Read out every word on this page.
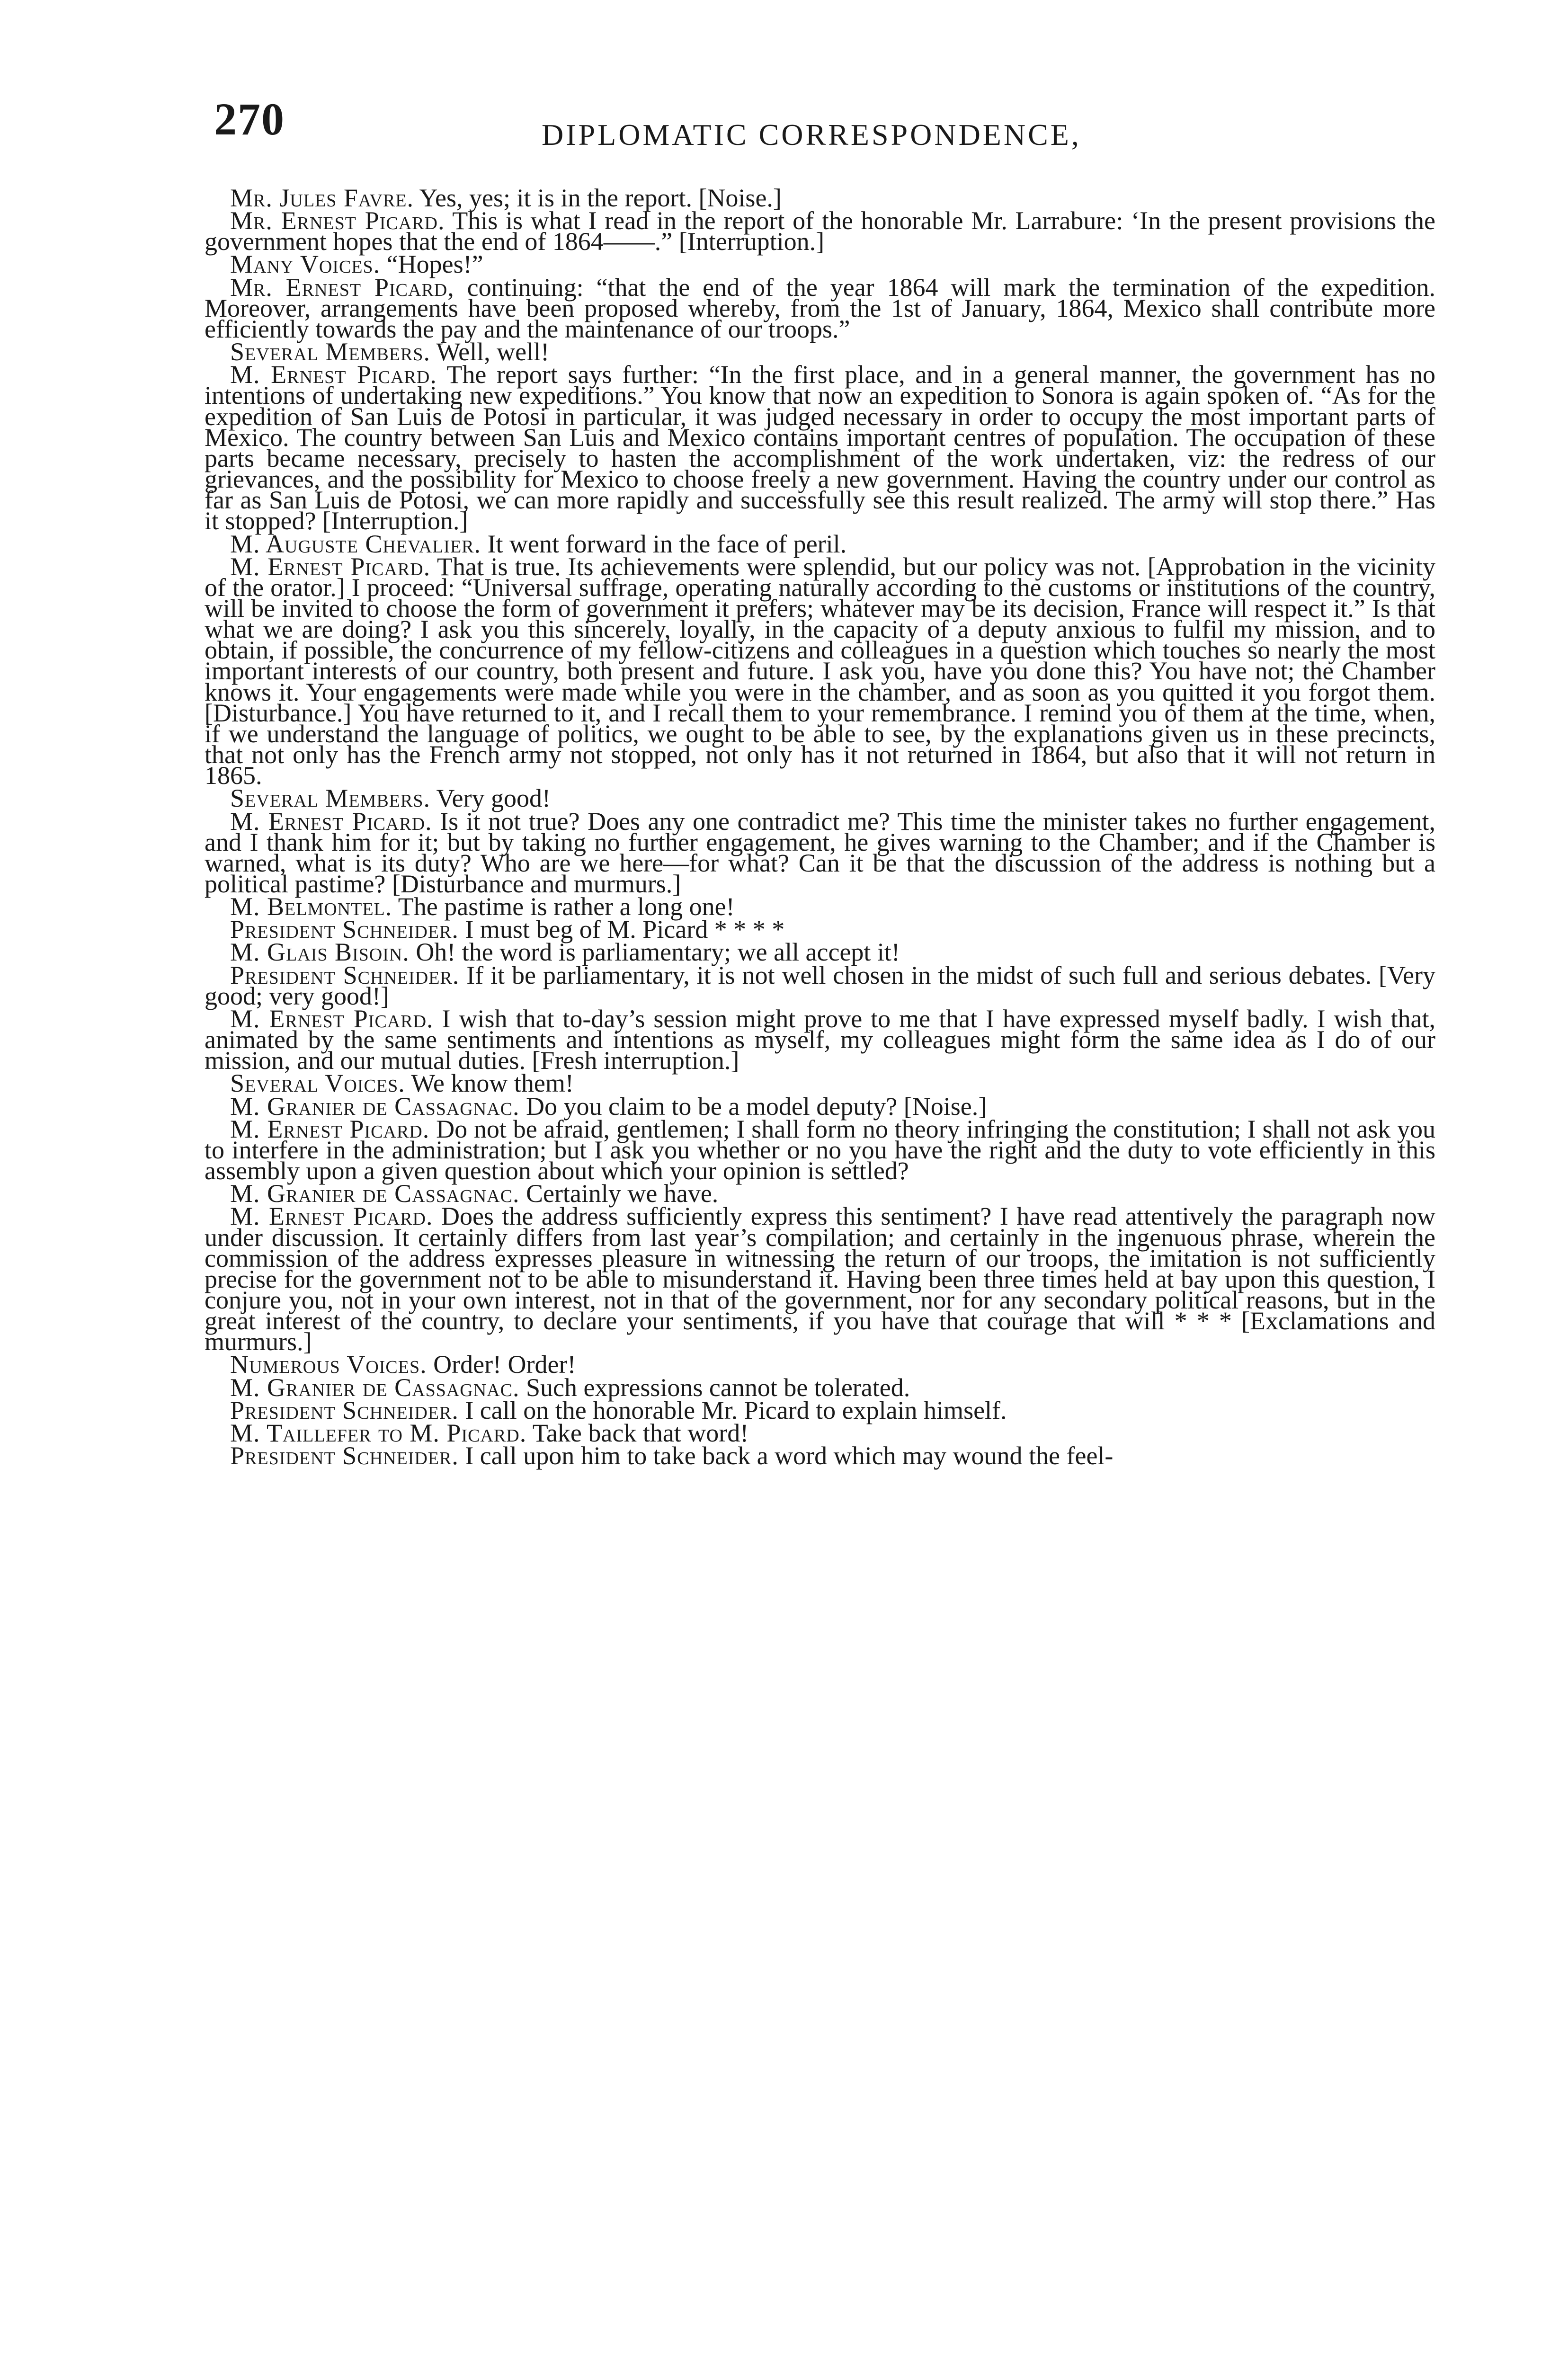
270	DIPLOMATIC CORRESPONDENCE,

Mr. Jules Favre. Yes, yes; it is in the report. [Noise.]

Mr. Ernest Picard. This is what I read in the report of the honorable Mr. Larrabure: ‘In the present provisions the government hopes that the end of 1864——.” [Interruption.]

Many Voices. “Hopes!”

Mr. Ernest Picard, continuing: “that the end of the year 1864 will mark the termination of the expedition. Moreover, arrangements have been proposed whereby, from the 1st of January, 1864, Mexico shall contribute more efficiently towards the pay and the maintenance of our troops.”

Several Members. Well, well!

M. Ernest Picard. The report says further: “In the first place, and in a general manner, the government has no intentions of undertaking new expeditions.” You know that now an expedition to Sonora is again spoken of. “As for the expedition of San Luis de Potosi in particular, it was judged necessary in order to occupy the most important parts of Mexico. The country between San Luis and Mexico contains important centres of population. The occupation of these parts became necessary, precisely to hasten the accomplishment of the work undertaken, viz: the redress of our grievances, and the possibility for Mexico to choose freely a new government. Having the country under our control as far as San Luis de Potosi, we can more rapidly and successfully see this result realized. The army will stop there.” Has it stopped? [Interruption.]

M. Auguste Chevalier. It went forward in the face of peril.

M. Ernest Picard. That is true. Its achievements were splendid, but our policy was not. [Approbation in the vicinity of the orator.] I proceed: “Universal suffrage, operating naturally according to the customs or institutions of the country, will be invited to choose the form of government it prefers; whatever may be its decision, France will respect it.” Is that what we are doing? I ask you this sincerely, loyally, in the capacity of a deputy anxious to fulfil my mission, and to obtain, if possible, the concurrence of my fellow-citizens and colleagues in a question which touches so nearly the most important interests of our country, both present and future. I ask you, have you done this? You have not; the Chamber knows it. Your engagements were made while you were in the chamber, and as soon as you quitted it you forgot them. [Disturbance.] You have returned to it, and I recall them to your remembrance. I remind you of them at the time, when, if we understand the language of politics, we ought to be able to see, by the explanations given us in these precincts, that not only has the French army not stopped, not only has it not returned in 1864, but also that it will not return in 1865.

Several Members. Very good!

M. Ernest Picard. Is it not true? Does any one contradict me? This time the minister takes no further engagement, and I thank him for it; but by taking no further engagement, he gives warning to the Chamber; and if the Chamber is warned, what is its duty? Who are we here—for what? Can it be that the discussion of the address is nothing but a political pastime? [Disturbance and murmurs.]

M. Belmontel. The pastime is rather a long one!

President Schneider. I must beg of M. Picard * * * *

M. Glais Bisoin. Oh! the word is parliamentary; we all accept it!

President Schneider. If it be parliamentary, it is not well chosen in the midst of such full and serious debates. [Very good; very good!]

M. Ernest Picard. I wish that to-day’s session might prove to me that I have expressed myself badly. I wish that, animated by the same sentiments and intentions as myself, my colleagues might form the same idea as I do of our mission, and our mutual duties. [Fresh interruption.]

Several Voices. We know them!

M. Granier de Cassagnac. Do you claim to be a model deputy? [Noise.]

M. Ernest Picard. Do not be afraid, gentlemen; I shall form no theory infringing the constitution; I shall not ask you to interfere in the administration; but I ask you whether or no you have the right and the duty to vote efficiently in this assembly upon a given question about which your opinion is settled?

M. Granier de Cassagnac. Certainly we have.

M. Ernest Picard. Does the address sufficiently express this sentiment? I have read attentively the paragraph now under discussion. It certainly differs from last year’s compilation; and certainly in the ingenuous phrase, wherein the commission of the address expresses pleasure in witnessing the return of our troops, the imitation is not sufficiently precise for the government not to be able to misunderstand it. Having been three times held at bay upon this question, I conjure you, not in your own interest, not in that of the government, nor for any secondary political reasons, but in the great interest of the country, to declare your sentiments, if you have that courage that will * * * [Exclamations and murmurs.]

Numerous Voices. Order! Order!

M. Granier de Cassagnac. Such expressions cannot be tolerated.

President Schneider. I call on the honorable Mr. Picard to explain himself.

M. Taillefer to M. Picard. Take back that word!

President Schneider. I call upon him to take back a word which may wound the feel-
